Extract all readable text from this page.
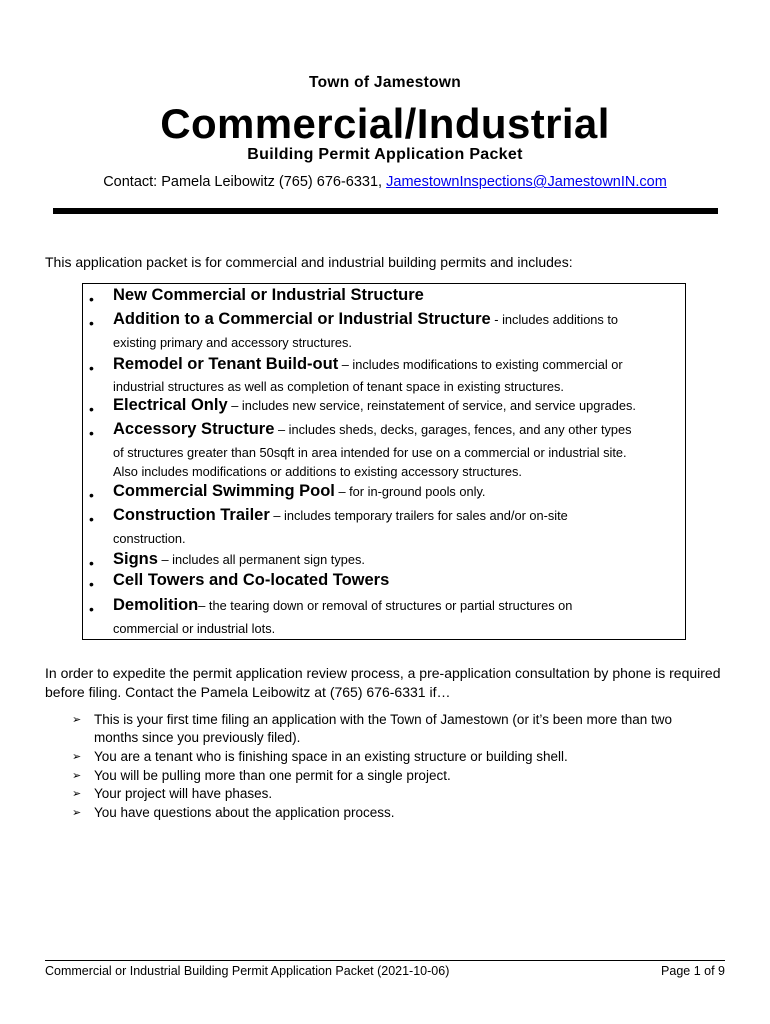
Town of Jamestown
Commercial/Industrial
Building Permit Application Packet
Contact: Pamela Leibowitz (765) 676-6331, JamestownInspections@JamestownIN.com
This application packet is for commercial and industrial building permits and includes:
• New Commercial or Industrial Structure
• Addition to a Commercial or Industrial Structure - includes additions to
existing primary and accessory structures.
• Remodel or Tenant Build-out – includes modifications to existing commercial or
industrial structures as well as completion of tenant space in existing structures.
• Electrical Only – includes new service, reinstatement of service, and service upgrades.
• Accessory Structure – includes sheds, decks, garages, fences, and any other types
of structures greater than 50sqft in area intended for use on a commercial or industrial site.
Also includes modifications or additions to existing accessory structures.
• Commercial Swimming Pool – for in-ground pools only.
• Construction Trailer – includes temporary trailers for sales and/or on-site
construction.
• Signs – includes all permanent sign types.
• Cell Towers and Co-located Towers
• Demolition– the tearing down or removal of structures or partial structures on
commercial or industrial lots.
In order to expedite the permit application review process, a pre-application consultation by phone is required
before filing. Contact the Pamela Leibowitz at (765) 676-6331 if…
➢ This is your first time filing an application with the Town of Jamestown (or it’s been more than two
months since you previously filed).
➢ You are a tenant who is finishing space in an existing structure or building shell.
➢ You will be pulling more than one permit for a single project.
➢ Your project will have phases.
➢ You have questions about the application process.
Commercial or Industrial Building Permit Application Packet (2021-10-06)	Page 1 of 9
